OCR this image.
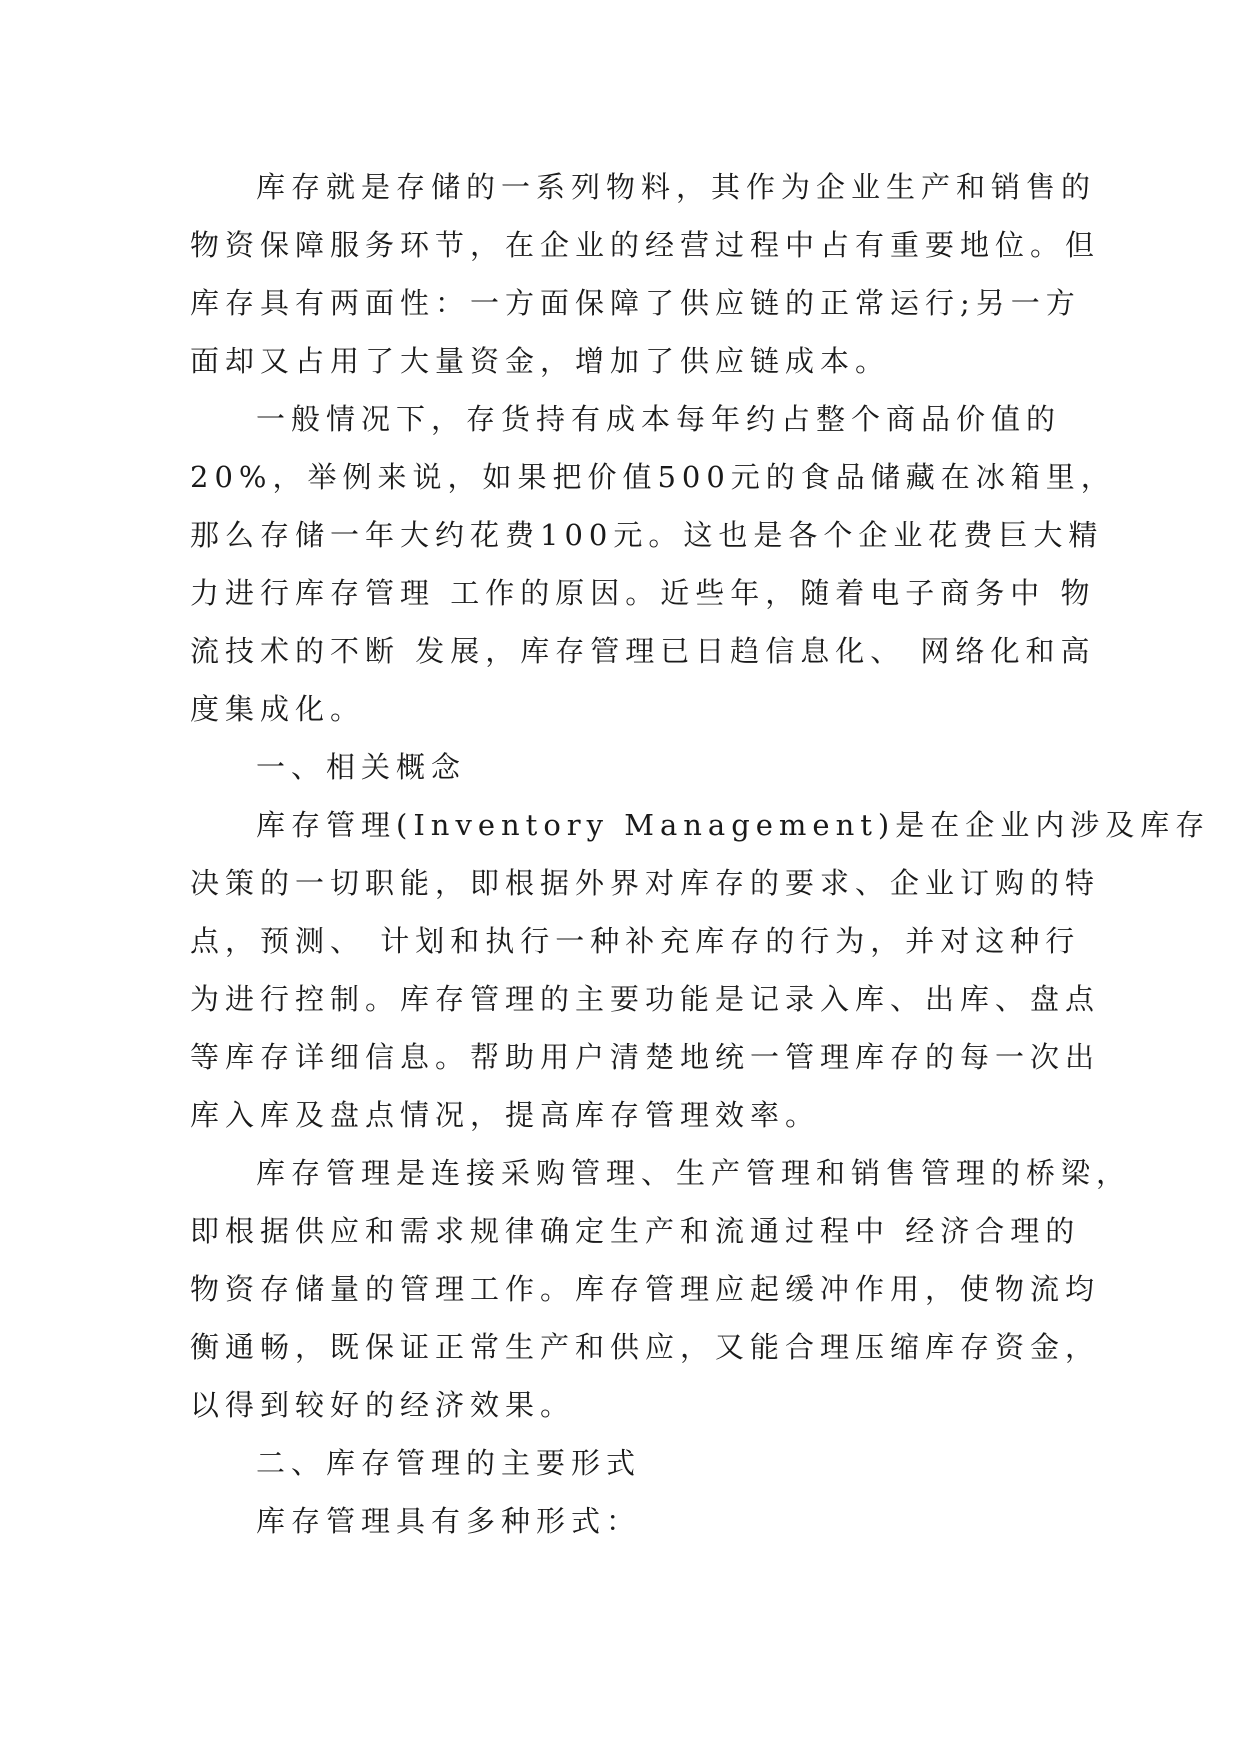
库存就是存储的一系列物料，其作为企业生产和销售的
物资保障服务环节，在企业的经营过程中占有重要地位。但
库存具有两面性：一方面保障了供应链的正常运行;另一方
面却又占用了大量资金，增加了供应链成本。
一般情况下，存货持有成本每年约占整个商品价值的
20%，举例来说，如果把价值500元的食品储藏在冰箱里，
那么存储一年大约花费100元。这也是各个企业花费巨大精
力进行库存管理 工作的原因。近些年，随着电子商务中 物
流技术的不断 发展，库存管理已日趋信息化、 网络化和高
度集成化。
一、相关概念
库存管理(Inventory Management)是在企业内涉及库存
决策的一切职能，即根据外界对库存的要求、企业订购的特
点，预测、 计划和执行一种补充库存的行为，并对这种行
为进行控制。库存管理的主要功能是记录入库、出库、盘点
等库存详细信息。帮助用户清楚地统一管理库存的每一次出
库入库及盘点情况，提高库存管理效率。
库存管理是连接采购管理、生产管理和销售管理的桥梁，
即根据供应和需求规律确定生产和流通过程中 经济合理的
物资存储量的管理工作。库存管理应起缓冲作用，使物流均
衡通畅，既保证正常生产和供应，又能合理压缩库存资金，
以得到较好的经济效果。
二、库存管理的主要形式
库存管理具有多种形式：
